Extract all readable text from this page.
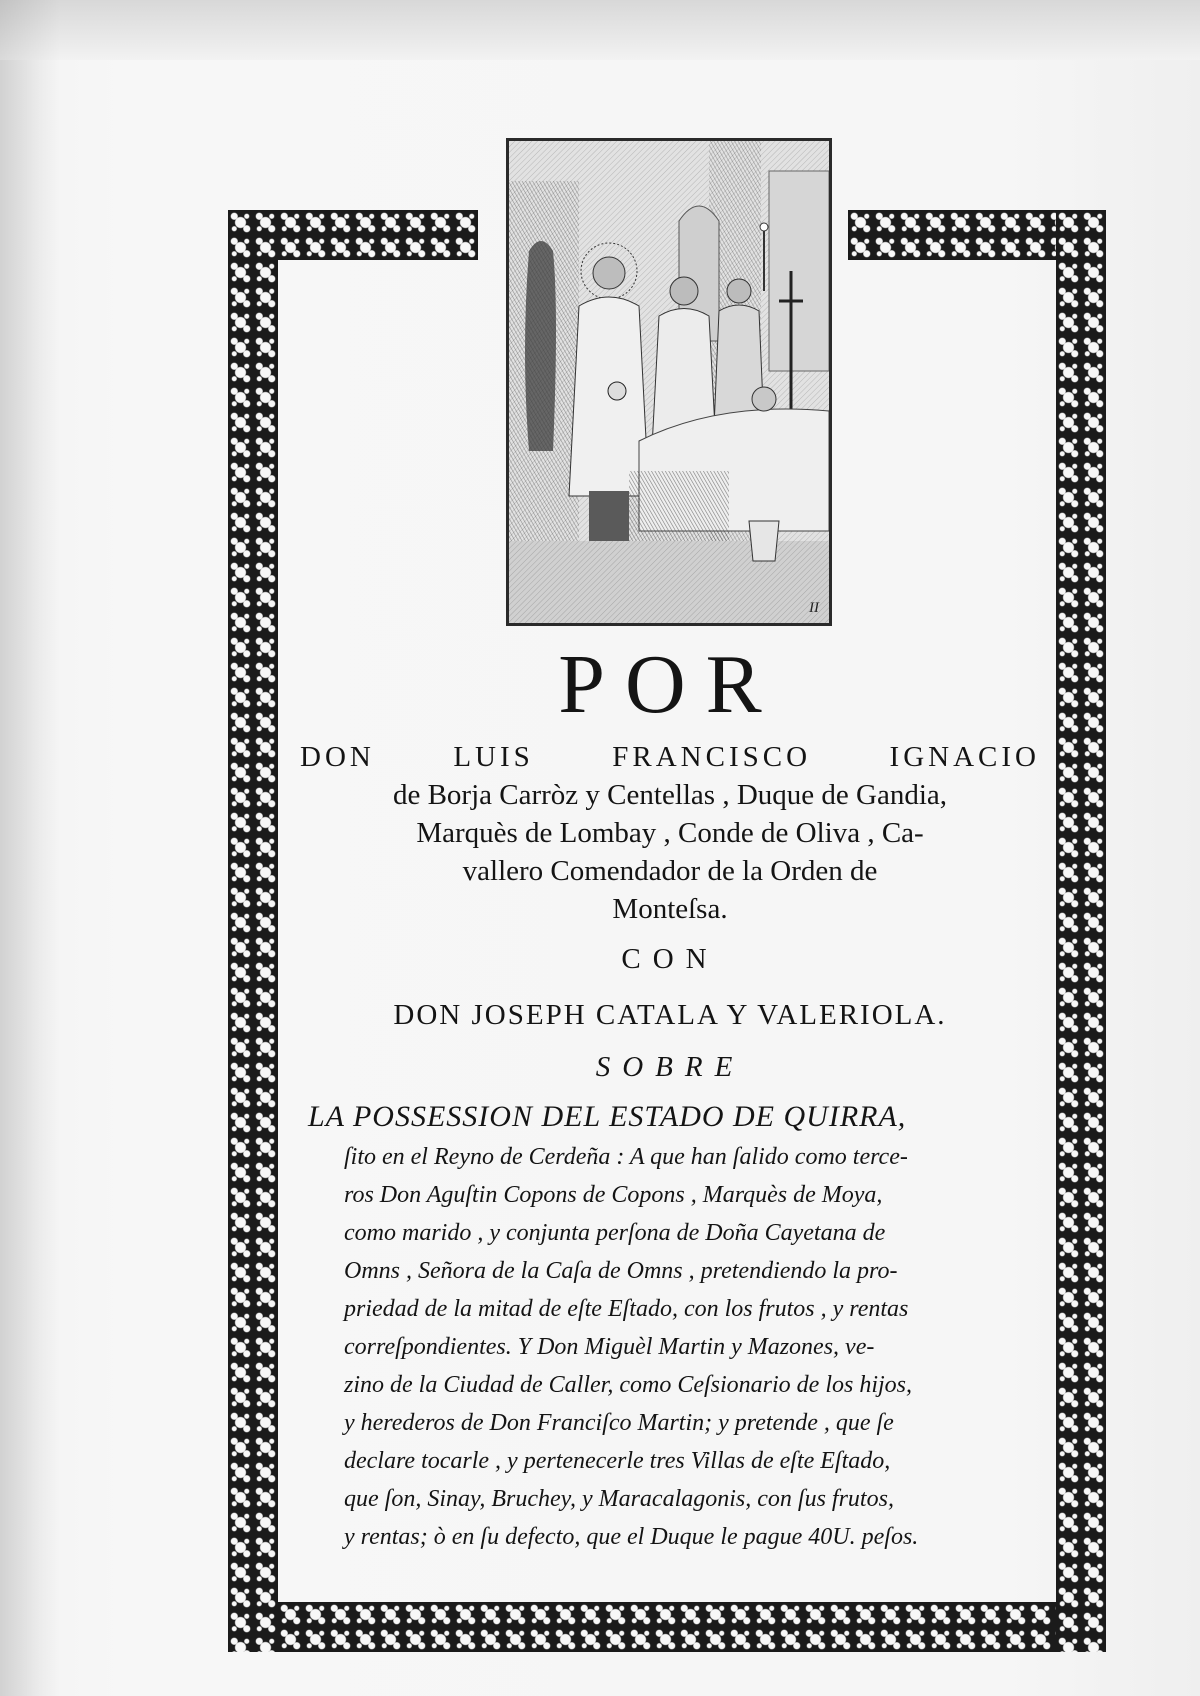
II
POR
DON	LUIS	FRANCISCO	IGNACIO
de Borja Carròz y Centellas , Duque de Gandia,
Marquès de Lombay , Conde de Oliva , Ca-
vallero Comendador de la Orden de
Monteſsa.
CON
DON JOSEPH CATALA Y VALERIOLA.
SOBRE
LA POSSESSION DEL ESTADO DE QUIRRA,
ſito en el Reyno de Cerdeña : A que han ſalido como terce-
ros Don Aguſtin Copons de Copons , Marquès de Moya,
como marido , y conjunta perſona de Doña Cayetana de
Omns , Señora de la Caſa de Omns , pretendiendo la pro-
priedad de la mitad de eſte Eſtado, con los frutos , y rentas
correſpondientes. Y Don Miguèl Martin y Mazones, ve-
zino de la Ciudad de Caller, como Ceſsionario de los hijos,
y herederos de Don Franciſco Martin; y pretende , que ſe
declare tocarle , y pertenecerle tres Villas de eſte Eſtado,
que ſon, Sinay, Bruchey, y Maracalagonis, con ſus frutos,
y rentas; ò en ſu defecto, que el Duque le pague 40U. peſos.
